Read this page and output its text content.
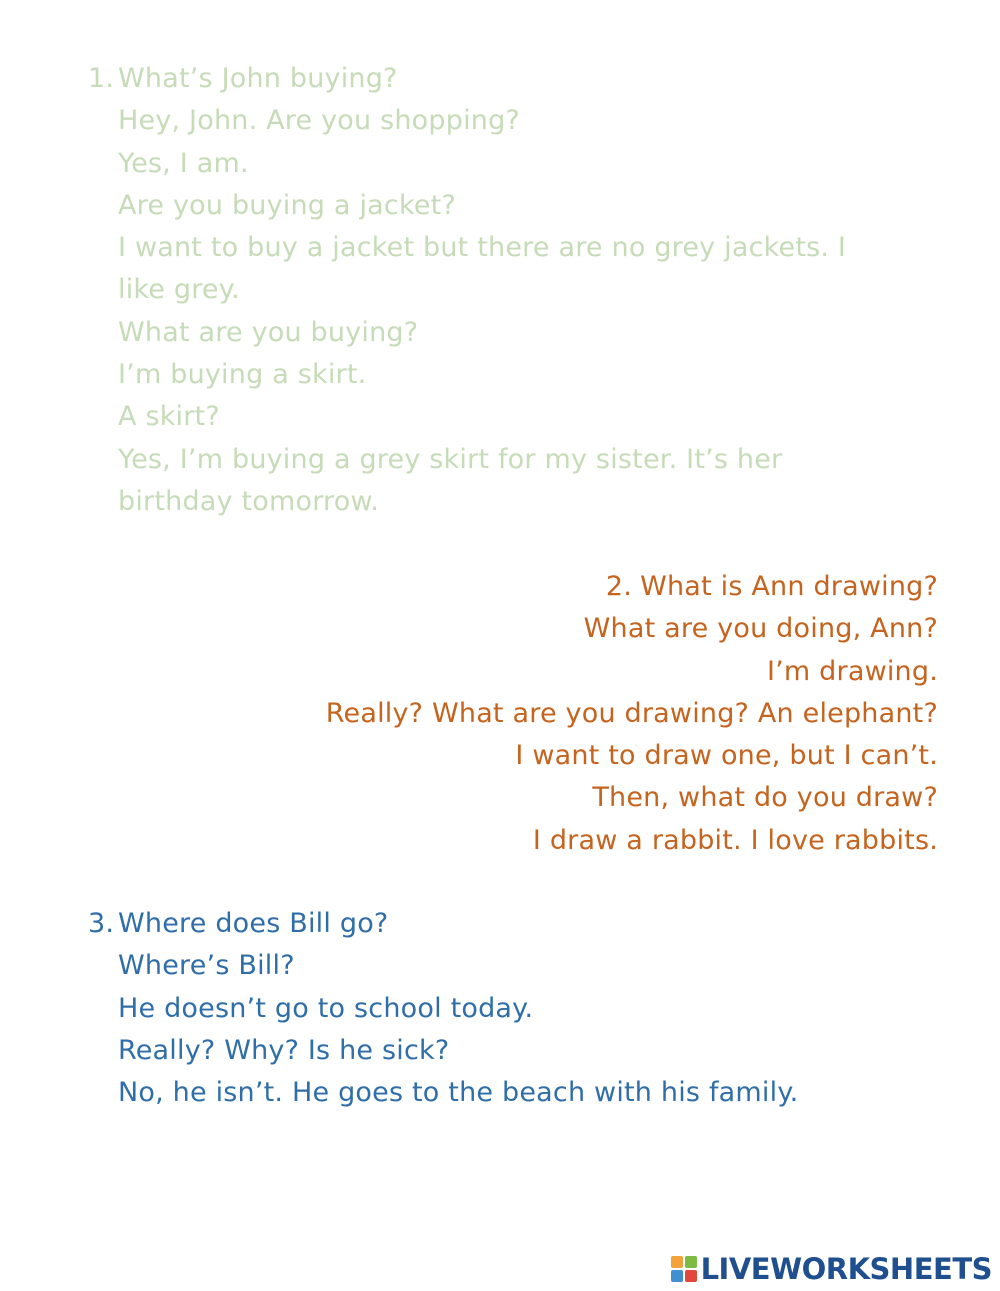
1. What’s John buying?
Hey, John. Are you shopping?
Yes, I am.
Are you buying a jacket?
I want to buy a jacket but there are no grey jackets. I
like grey.
What are you buying?
I’m buying a skirt.
A skirt?
Yes, I’m buying a grey skirt for my sister. It’s her
birthday tomorrow.
2. What is Ann drawing?
What are you doing, Ann?
I’m drawing.
Really? What are you drawing? An elephant?
I want to draw one, but I can’t.
Then, what do you draw?
I draw a rabbit. I love rabbits.
3. Where does Bill go?
Where’s Bill?
He doesn’t go to school today.
Really? Why? Is he sick?
No, he isn’t. He goes to the beach with his family.
LIVEWORKSHEETS
